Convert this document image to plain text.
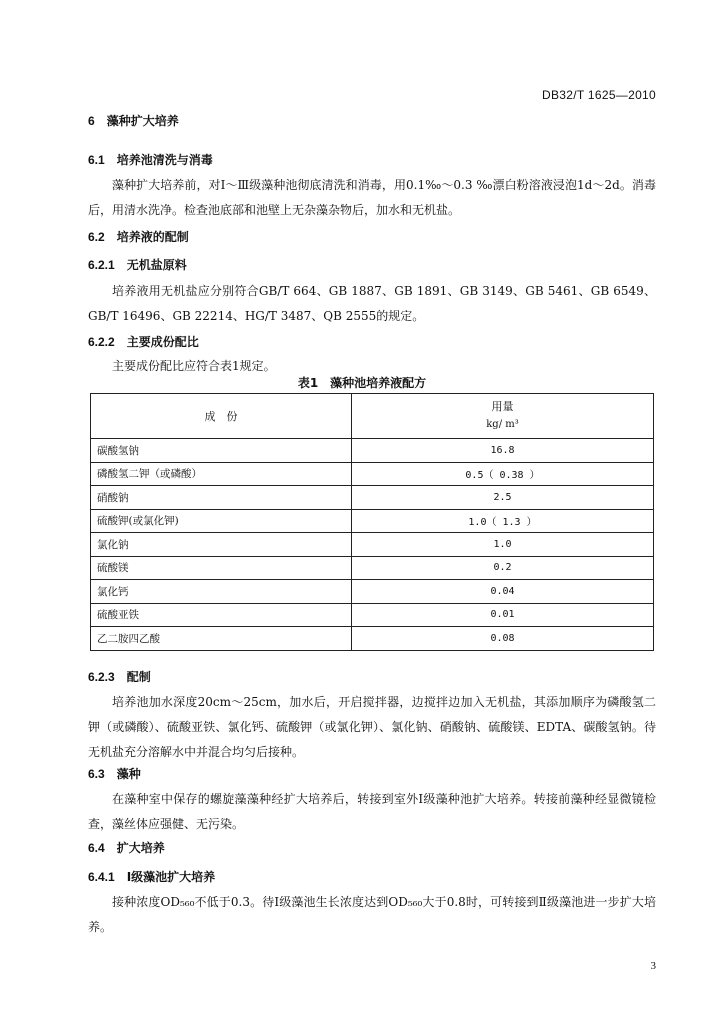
DB32/T 1625—2010
6 藻种扩大培养
6.1 培养池清洗与消毒

藻种扩大培养前，对Ⅰ～Ⅲ级藻种池彻底清洗和消毒，用0.1‰～0.3 ‰漂白粉溶液浸泡1d～2d。消毒后，用清水洗净。检查池底部和池壁上无杂藻杂物后，加水和无机盐。

6.2 培养液的配制
6.2.1 无机盐原料

培养液用无机盐应分别符合GB/T 664、GB 1887、GB 1891、GB 3149、GB 5461、GB 6549、GB/T 16496、GB 22214、HG/T 3487、QB 2555的规定。

6.2.2 主要成份配比

主要成份配比应符合表1规定。

表1 藻种池培养液配方
成　份	用量
kg/ m³

碳酸氢钠	16.8
磷酸氢二钾（或磷酸）	0.5（ 0.38 ）
硝酸钠	2.5
硫酸钾(或氯化钾)	1.0（ 1.3 ）
氯化钠	1.0
硫酸镁	0.2
氯化钙	0.04
硫酸亚铁	0.01
乙二胺四乙酸	0.08
6.2.3 配制

培养池加水深度20cm～25cm，加水后，开启搅拌器，边搅拌边加入无机盐，其添加顺序为磷酸氢二钾（或磷酸）、硫酸亚铁、氯化钙、硫酸钾（或氯化钾）、氯化钠、硝酸钠、硫酸镁、EDTA、碳酸氢钠。待无机盐充分溶解水中并混合均匀后接种。

6.3 藻种

在藻种室中保存的螺旋藻藻种经扩大培养后，转接到室外Ⅰ级藻种池扩大培养。转接前藻种经显微镜检查，藻丝体应强健、无污染。

6.4 扩大培养
6.4.1 Ⅰ级藻池扩大培养

接种浓度OD₅₆₀不低于0.3。待Ⅰ级藻池生长浓度达到OD₅₆₀大于0.8时，可转接到Ⅱ级藻池进一步扩大培养。

3
